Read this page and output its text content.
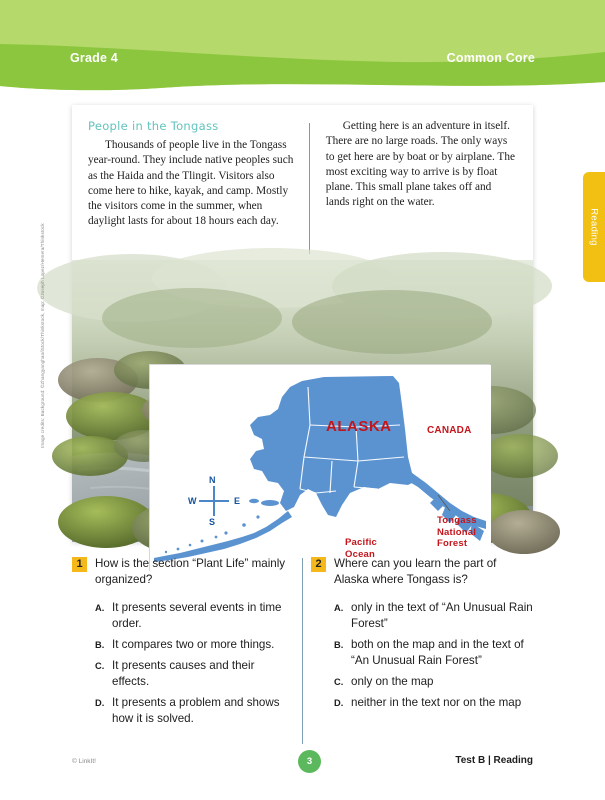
Grade 4	Common Core
Reading
People in the Tongass
Thousands of people live in the Tongass year-round. They include native peoples such as the Haida and the Tlingit. Visitors also come here to hike, kayak, and camp. Mostly the visitors come in the summer, when daylight lasts for about 18 hours each day.
Getting here is an adventure in itself. There are no large roads. The only ways to get here are by boat or by airplane. The most exciting way to arrive is by float plane. This small plane takes off and lands right on the water.
ALASKA	CANADA
Pacific
Ocean
Tongass
National
Forest
N
S
W	E
1	How is the section “Plant Life” mainly organized?
A. It presents several events in time order.
B. It compares two or more things.
C. It presents causes and their effects.
D. It presents a problem and shows how it is solved.
2	Where can you learn the part of Alaska where Tongass is?
A. only in the text of “An Unusual Rain Forest”
B. both on the map and in the text of “An Unusual Rain Forest”
C. only on the map
D. neither in the text nor on the map
Image credits: Background: ©Zhangyanghao/iStock/Thinkstock, map: ©Joseph Lopez/Hemera/Thinkstock
© LinkIt!	3	Test B | Reading
